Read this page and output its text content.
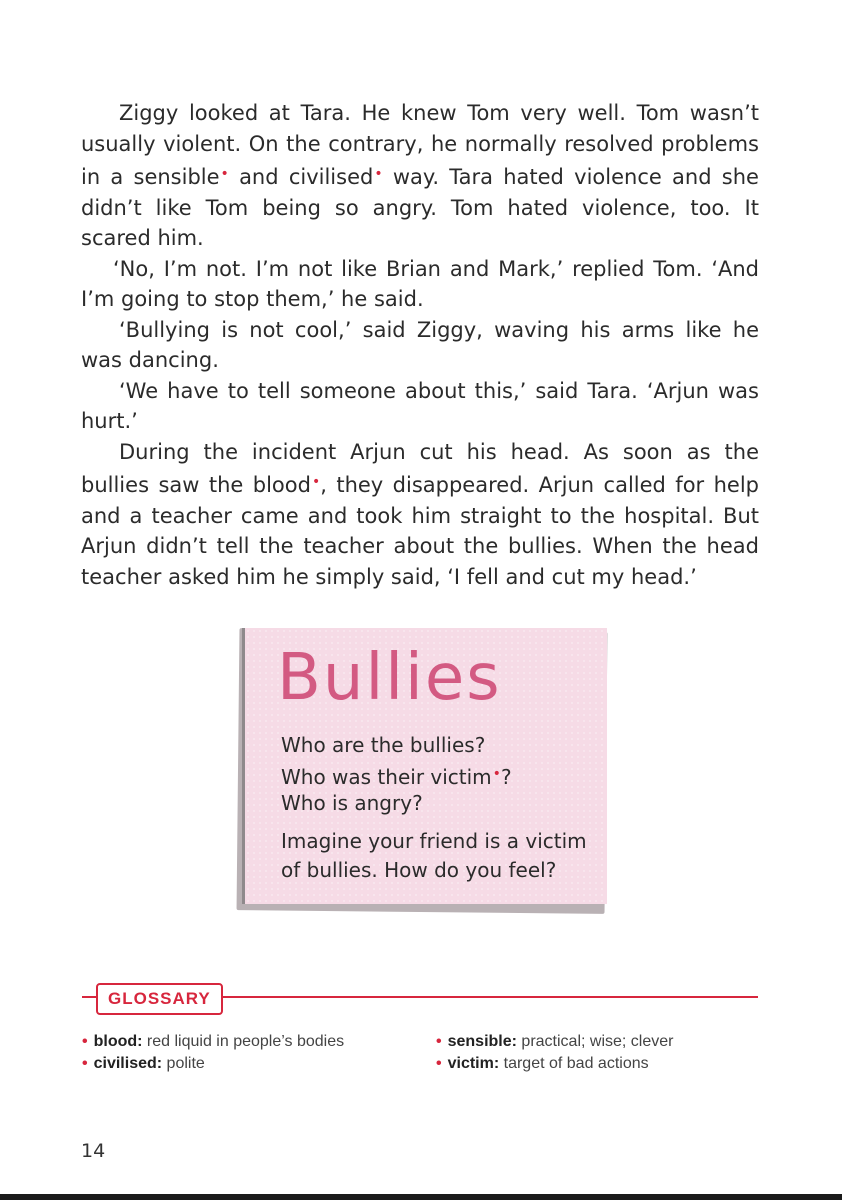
Ziggy looked at Tara. He knew Tom very well. Tom wasn’t usually violent. On the contrary, he normally resolved problems in a sensible• and civilised• way. Tara hated violence and she didn’t like Tom being so angry. Tom hated violence, too. It scared him.

‘No, I’m not. I’m not like Brian and Mark,’ replied Tom. ‘And I’m going to stop them,’ he said.

‘Bullying is not cool,’ said Ziggy, waving his arms like he was dancing.

‘We have to tell someone about this,’ said Tara. ‘Arjun was hurt.’

During the incident Arjun cut his head. As soon as the bullies saw the blood•, they disappeared. Arjun called for help and a teacher came and took him straight to the hospital. But Arjun didn’t tell the teacher about the bullies. When the head teacher asked him he simply said, ‘I fell and cut my head.’

Bullies
Who are the bullies?
Who was their victim•?
Who is angry?
Imagine your friend is a victim
of bullies. How do you feel?
GLOSSARY
• blood: red liquid in people’s bodies
• civilised: polite
• sensible: practical; wise; clever
• victim: target of bad actions
14
